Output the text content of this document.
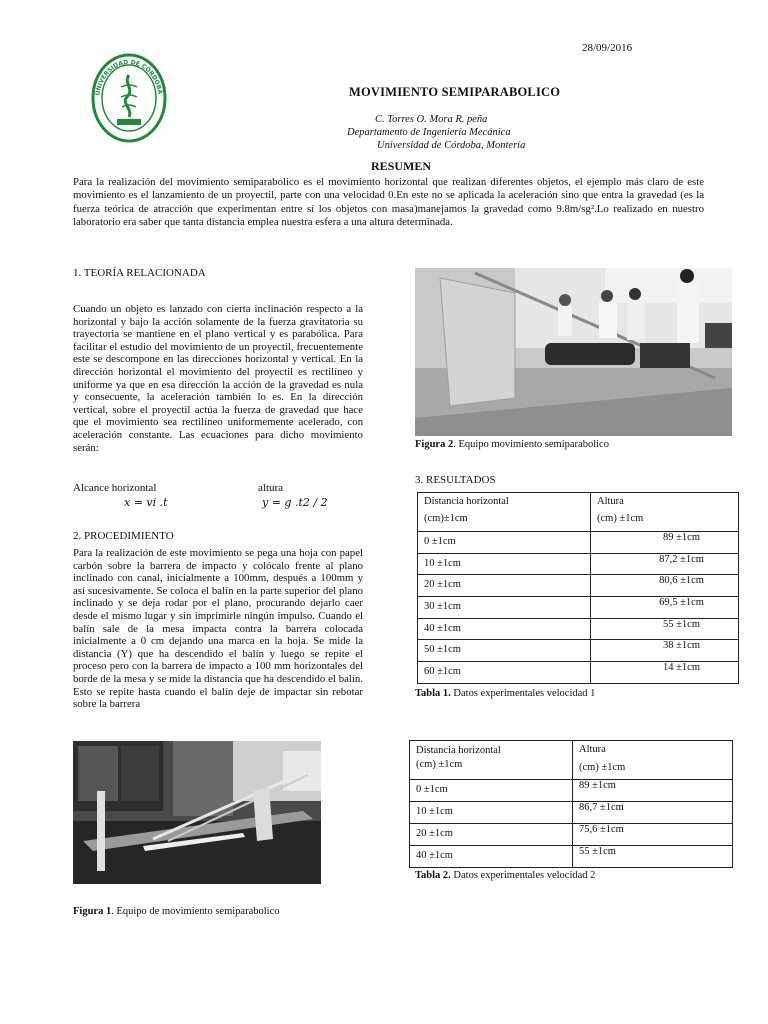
28/09/2016
UNIVERSIDAD DE CÓRDOBA	MOVIMIENTO SEMIPARABOLICO
C. Torres O. Mora R. peña
Departamento de Ingeniería Mecánica
Universidad de Córdoba, Montería
RESUMEN
Para la realización del movimiento semiparabolico es el movimiento horizontal que realizan diferentes objetos, el ejemplo más claro de este movimiento es el lanzamiento de un proyectil, parte con una velocidad 0.En este no se aplicada la aceleración sino que entra la gravedad (es la fuerza teórica de atracción que experimentan entre sí los objetos con masa)manejamos la gravedad como 9.8m/sg².Lo realizado en nuestro laboratorio era saber que tanta distancia emplea nuestra esfera a una altura determinada.
1. TEORÍA RELACIONADA
Cuando un objeto es lanzado con cierta inclinación respecto a la horizontal y bajo la acción solamente de la fuerza gravitatoria su trayectoria se mantiene en el plano vertical y es parabólica. Para facilitar el estudio del movimiento de un proyectil, frecuentemente este se descompone en las direcciones horizontal y vertical. En la dirección horizontal el movimiento del proyectil es rectilíneo y uniforme ya que en esa dirección la acción de la gravedad es nula y consecuente, la aceleración también lo es. En la dirección vertical, sobre el proyectil actúa la fuerza de gravedad que hace que el movimiento sea rectilíneo uniformemente acelerado, con aceleración constante. Las ecuaciones para dicho movimiento serán:
Alcance horizontal
x = vi .t
altura
y = g .t2 / 2
2. PROCEDIMIENTO
Para la realización de este movimiento se pega una hoja con papel carbón sobre la barrera de impacto y colócalo frente al plano inclinado con canal, inicialmente a 100mm, después a 100mm y así sucesivamente. Se coloca el balín en la parte superior del plano inclinado y se deja rodar por el plano, procurando dejarlo caer desde el mismo lugar y sin imprimirle ningún impulso. Cuando el balín sale de la mesa impacta contra la barrera colocada inicialmente a 0 cm dejando una marca en la hoja. Se mide la distancia (Y) que ha descendido el balín y luego se repite el proceso pero con la barrera de impacto a 100 mm horizontales del borde de la mesa y se mide la distancia que ha descendido el balín. Esto se repite hasta cuando el balín deje de impactar sin rebotar sobre la barrera
Figura 1. Equipo de movimiento semiparabolico
Figura 2. Equipo movimiento semiparabolico
3. RESULTADOS
Distancia horizontal
(cm)±1cm	Altura
(cm) ±1cm
0 ±1cm	89 ±1cm
10 ±1cm	87,2 ±1cm
20 ±1cm	80,6 ±1cm
30 ±1cm	69,5 ±1cm
40 ±1cm	55 ±1cm
50 ±1cm	38 ±1cm
60 ±1cm	14 ±1cm
Tabla 1. Datos experimentales velocidad 1
Distancia horizontal
(cm) ±1cm	Altura
(cm) ±1cm
0 ±1cm	89 ±1cm
10 ±1cm	86,7 ±1cm
20 ±1cm	75,6 ±1cm
40 ±1cm	55 ±1cm
Tabla 2. Datos experimentales velocidad 2
